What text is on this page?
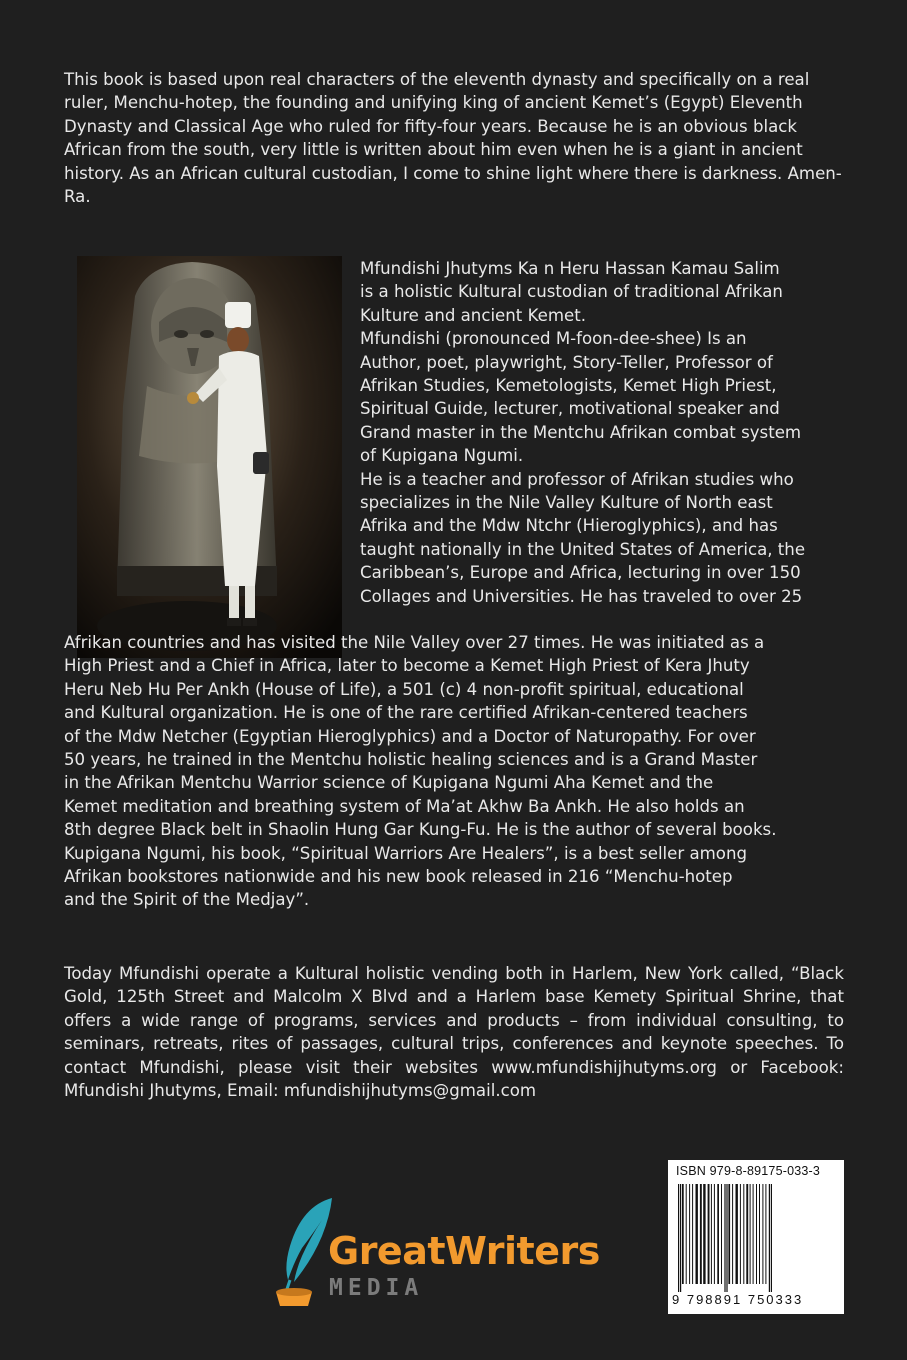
This book is based upon real characters of the eleventh dynasty and specifically on a real ruler, Menchu-hotep, the founding and unifying king of ancient Kemet’s (Egypt) Eleventh Dynasty and Classical Age who ruled for fifty-four years. Because he is an obvious black African from the south, very little is written about him even when he is a giant in ancient history. As an African cultural custodian, I come to shine light where there is darkness. Amen-Ra.

Mfundishi Jhutyms Ka n Heru Hassan Kamau Salim
is a holistic Kultural custodian of traditional Afrikan
Kulture and ancient Kemet.
Mfundishi (pronounced M-foon-dee-shee) Is an
Author, poet, playwright, Story-Teller, Professor of
Afrikan Studies, Kemetologists, Kemet High Priest,
Spiritual Guide, lecturer, motivational speaker and
Grand master in the Mentchu Afrikan combat system
of Kupigana Ngumi.
He is a teacher and professor of Afrikan studies who
specializes in the Nile Valley Kulture of North east
Afrika and the Mdw Ntchr (Hieroglyphics), and has
taught nationally in the United States of America, the
Caribbean’s, Europe and Africa, lecturing in over 150
Collages and Universities. He has traveled to over 25

Afrikan countries and has visited the Nile Valley over 27 times. He was initiated as a
High Priest and a Chief in Africa, later to become a Kemet High Priest of Kera Jhuty
Heru Neb Hu Per Ankh (House of Life), a 501 (c) 4 non-profit spiritual, educational
and Kultural organization. He is one of the rare certified Afrikan-centered teachers
of the Mdw Netcher (Egyptian Hieroglyphics) and a Doctor of Naturopathy. For over
50 years, he trained in the Mentchu holistic healing sciences and is a Grand Master
in the Afrikan Mentchu Warrior science of Kupigana Ngumi Aha Kemet and the
Kemet meditation and breathing system of Ma’at Akhw Ba Ankh. He also holds an
8th degree Black belt in Shaolin Hung Gar Kung-Fu. He is the author of several books.
Kupigana Ngumi, his book, “Spiritual Warriors Are Healers”, is a best seller among
Afrikan bookstores nationwide and his new book released in 216 “Menchu-hotep
and the Spirit of the Medjay”.

Today Mfundishi operate a Kultural holistic vending both in Harlem, New York called, “Black Gold, 125th Street and Malcolm X Blvd and a Harlem base Kemety Spiritual Shrine, that offers a wide range of programs, services and products – from individual consulting, to seminars, retreats, rites of passages, cultural trips, conferences and keynote speeches. To contact Mfundishi, please visit their websites www.mfundishijhutyms.org or Facebook: Mfundishi Jhutyms, Email: mfundishijhutyms@gmail.com

ISBN 979-8-89175-033-3
9 798891 750333
GreatWriters
MEDIA
